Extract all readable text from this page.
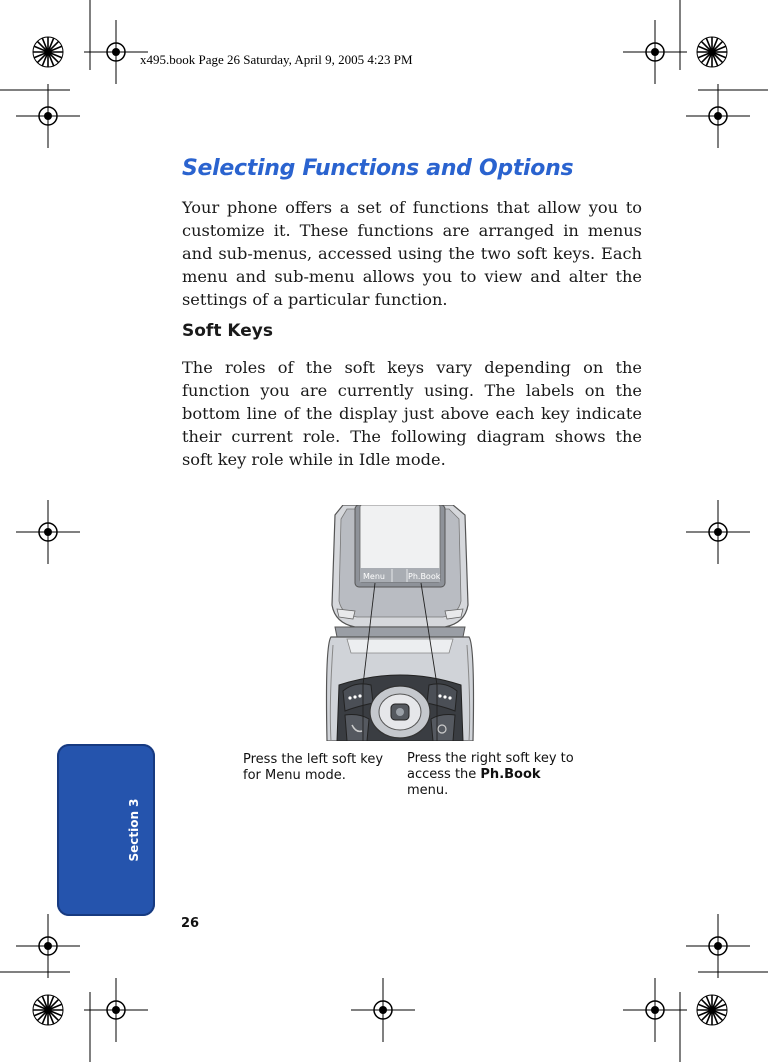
x495.book Page 26 Saturday, April 9, 2005 4:23 PM
Selecting Functions and Options

Your phone offers a set of functions that allow you to customize it. These functions are arranged in menus and sub-menus, accessed using the two soft keys. Each menu and sub-menu allows you to view and alter the settings of a particular function.

Soft Keys

The roles of the soft keys vary depending on the function you are currently using. The labels on the bottom line of the display just above each key indicate their current role. The following diagram shows the soft key role while in Idle mode.

Menu	Ph.Book
Press the left soft key for Menu mode.
Press the right soft key to access the Ph.Book menu.
Section 3
26
